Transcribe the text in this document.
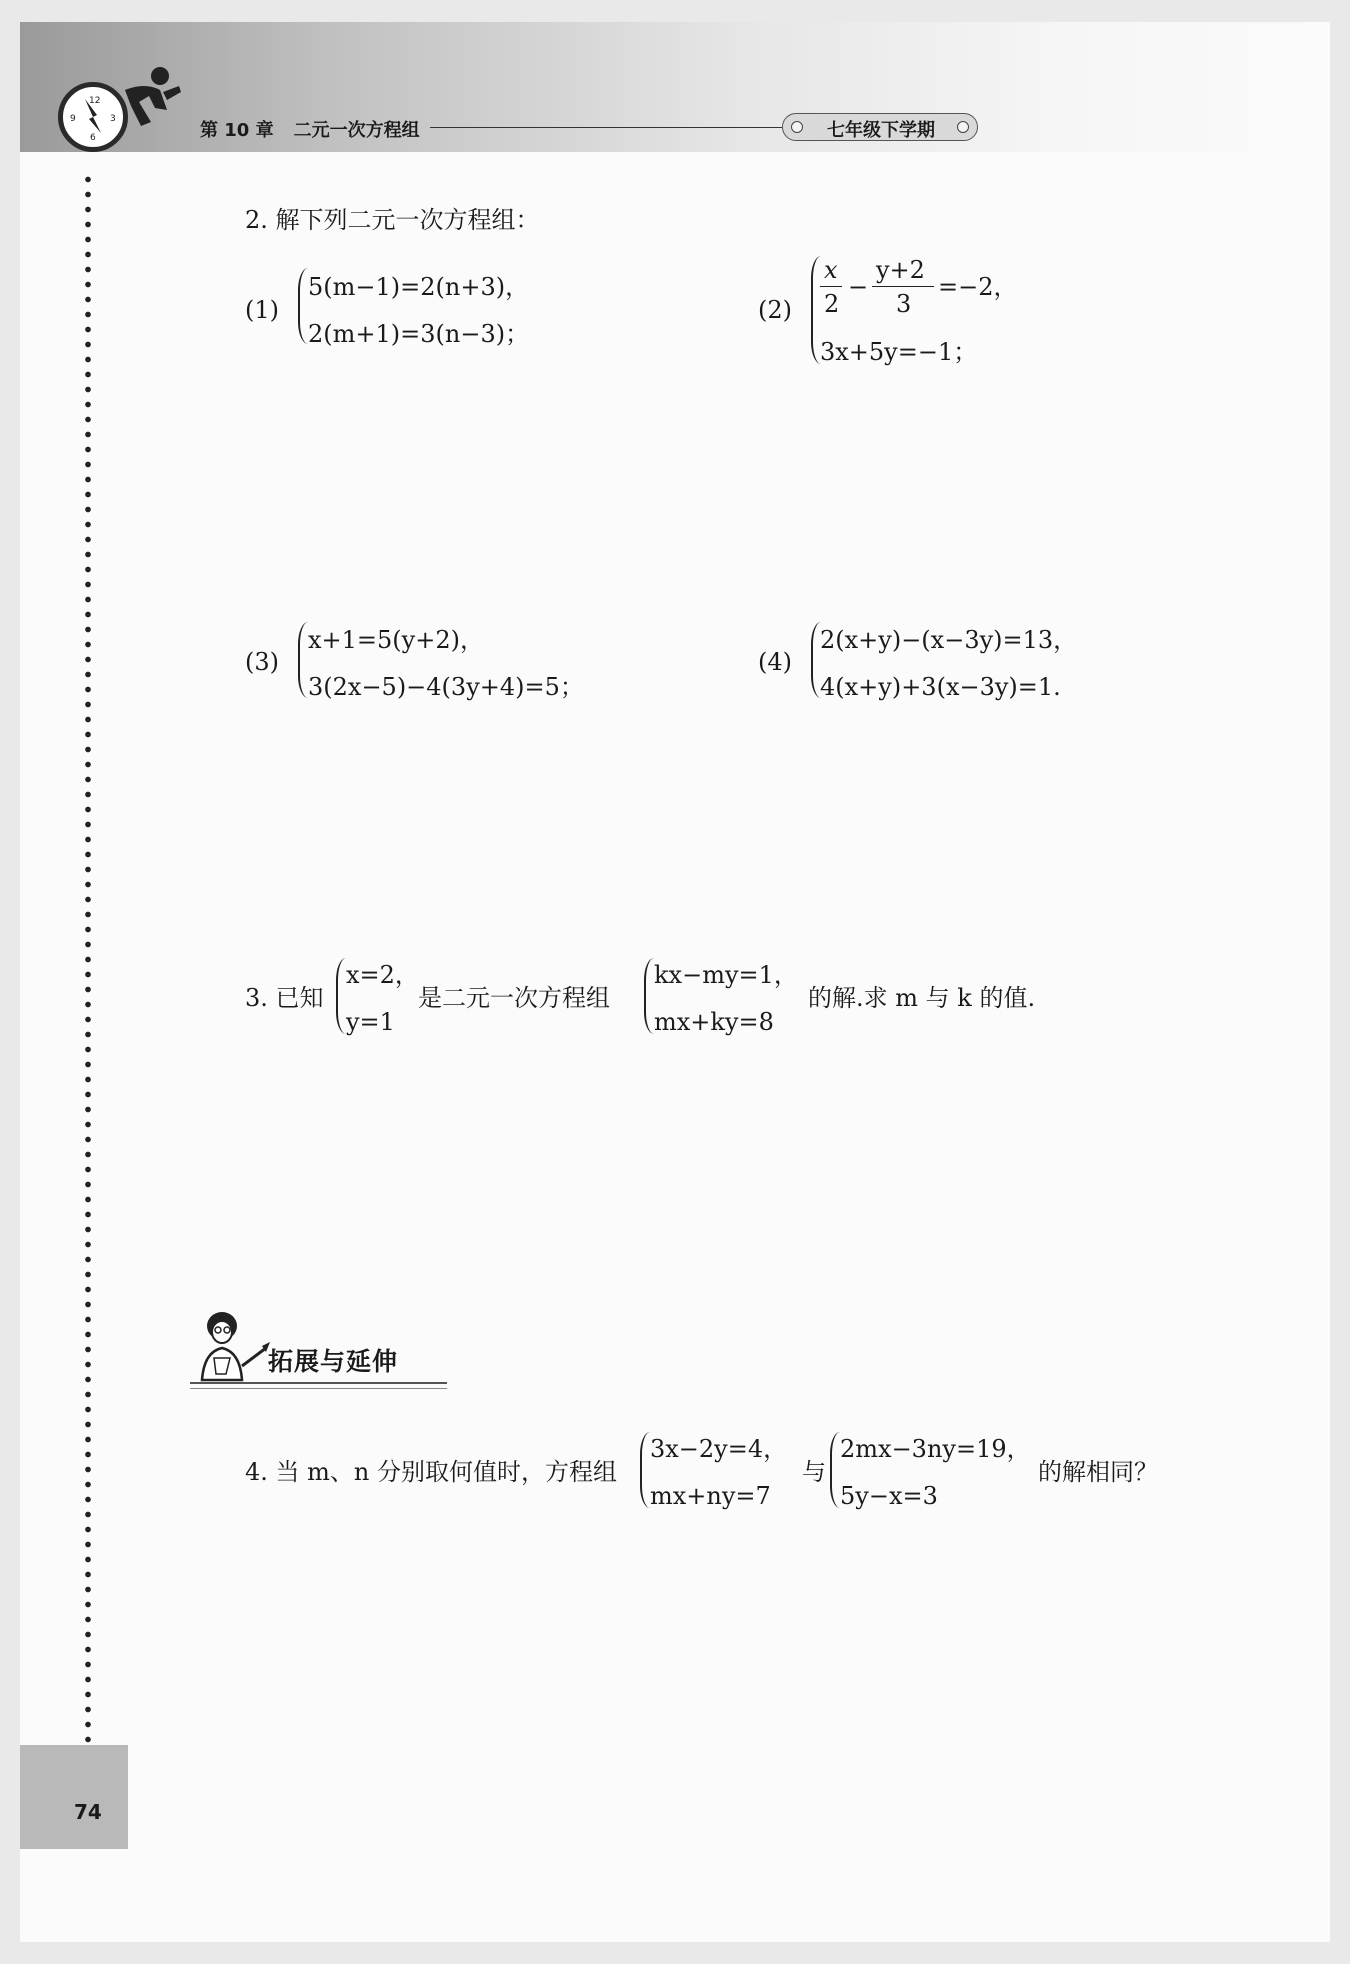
12
3
6
9
第 10 章 二元一次方程组	七年级下学期
74
2. 解下列二元一次方程组：
(1)
5(m−1)=2(n+3)，
2(m+1)=3(n−3)；
(2)
x
2
−
y+2
3
=−2，
3x+5y=−1；
(3)
x+1=5(y+2)，
3(2x−5)−4(3y+4)=5；
(4)
2(x+y)−(x−3y)=13，
4(x+y)+3(x−3y)=1.
3. 已知
x=2，
y=1
是二元一次方程组
kx−my=1，
mx+ky=8
的解.求 m 与 k 的值.
拓展与延伸
4. 当 m、n 分别取何值时，方程组
3x−2y=4，
mx+ny=7
与
2mx−3ny=19，
5y−x=3
的解相同？
